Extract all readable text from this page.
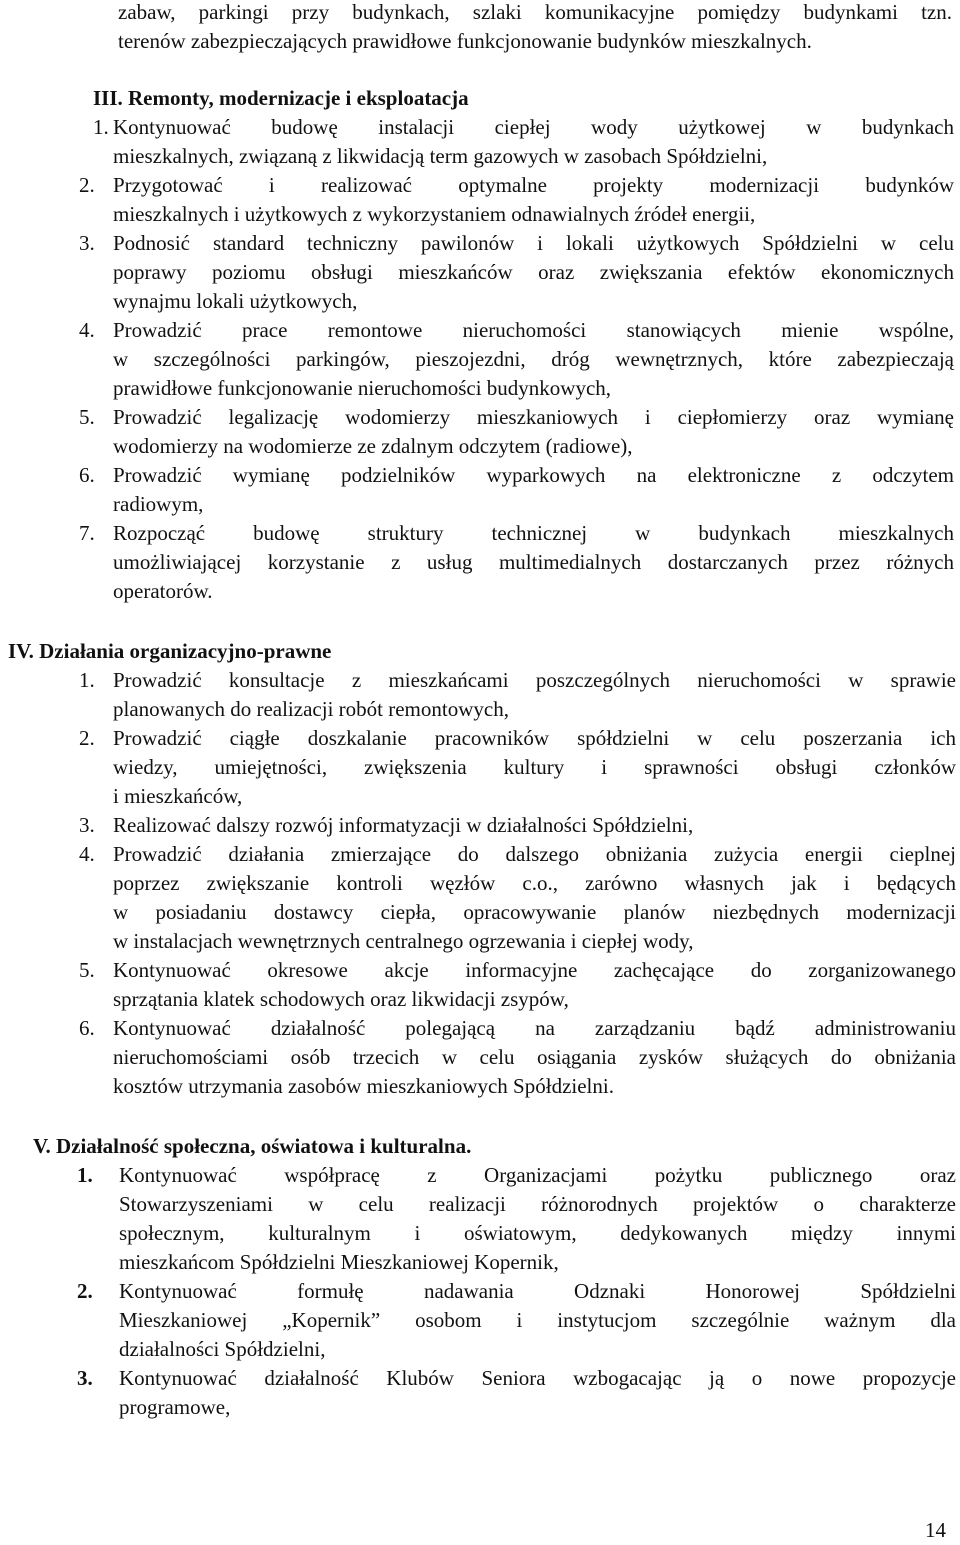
zabaw, parkingi przy budynkach, szlaki komunikacyjne pomiędzy budynkami tzn.
terenów zabezpieczających prawidłowe funkcjonowanie budynków mieszkalnych.
III. Remonty, modernizacje i eksploatacja
1. Kontynuować budowę instalacji ciepłej wody użytkowej w budynkach
mieszkalnych, związaną z likwidacją term gazowych w zasobach Spółdzielni,
2. Przygotować i realizować optymalne projekty modernizacji budynków
mieszkalnych i użytkowych z wykorzystaniem odnawialnych źródeł energii,
3. Podnosić standard techniczny pawilonów i lokali użytkowych Spółdzielni w celu
poprawy poziomu obsługi mieszkańców oraz zwiększania efektów ekonomicznych
wynajmu lokali użytkowych,
4. Prowadzić prace remontowe nieruchomości stanowiących mienie wspólne,
w szczególności parkingów, pieszojezdni, dróg wewnętrznych, które zabezpieczają
prawidłowe funkcjonowanie nieruchomości budynkowych,
5. Prowadzić legalizację wodomierzy mieszkaniowych i ciepłomierzy oraz wymianę
wodomierzy na wodomierze ze zdalnym odczytem (radiowe),
6. Prowadzić wymianę podzielników wyparkowych na elektroniczne z odczytem
radiowym,
7. Rozpocząć budowę struktury technicznej w budynkach mieszkalnych
umożliwiającej korzystanie z usług multimedialnych dostarczanych przez różnych
operatorów.
IV. Działania organizacyjno-prawne
1. Prowadzić konsultacje z mieszkańcami poszczególnych nieruchomości w sprawie
planowanych do realizacji robót remontowych,
2. Prowadzić ciągłe doszkalanie pracowników spółdzielni w celu poszerzania ich
wiedzy, umiejętności, zwiększenia kultury i sprawności obsługi członków
i mieszkańców,
3. Realizować dalszy rozwój informatyzacji w działalności Spółdzielni,
4. Prowadzić działania zmierzające do dalszego obniżania zużycia energii cieplnej
poprzez zwiększanie kontroli węzłów c.o., zarówno własnych jak i będących
w posiadaniu dostawcy ciepła, opracowywanie planów niezbędnych modernizacji
w instalacjach wewnętrznych centralnego ogrzewania i ciepłej wody,
5. Kontynuować okresowe akcje informacyjne zachęcające do zorganizowanego
sprzątania klatek schodowych oraz likwidacji zsypów,
6. Kontynuować działalność polegającą na zarządzaniu bądź administrowaniu
nieruchomościami osób trzecich w celu osiągania zysków służących do obniżania
kosztów utrzymania zasobów mieszkaniowych Spółdzielni.
V. Działalność społeczna, oświatowa i kulturalna.
1. Kontynuować współpracę z Organizacjami pożytku publicznego oraz
Stowarzyszeniami w celu realizacji różnorodnych projektów o charakterze
społecznym, kulturalnym i oświatowym, dedykowanych między innymi
mieszkańcom Spółdzielni Mieszkaniowej Kopernik,
2. Kontynuować formułę nadawania Odznaki Honorowej Spółdzielni
Mieszkaniowej „Kopernik” osobom i instytucjom szczególnie ważnym dla
działalności Spółdzielni,
3. Kontynuować działalność Klubów Seniora wzbogacając ją o nowe propozycje
programowe,
14
